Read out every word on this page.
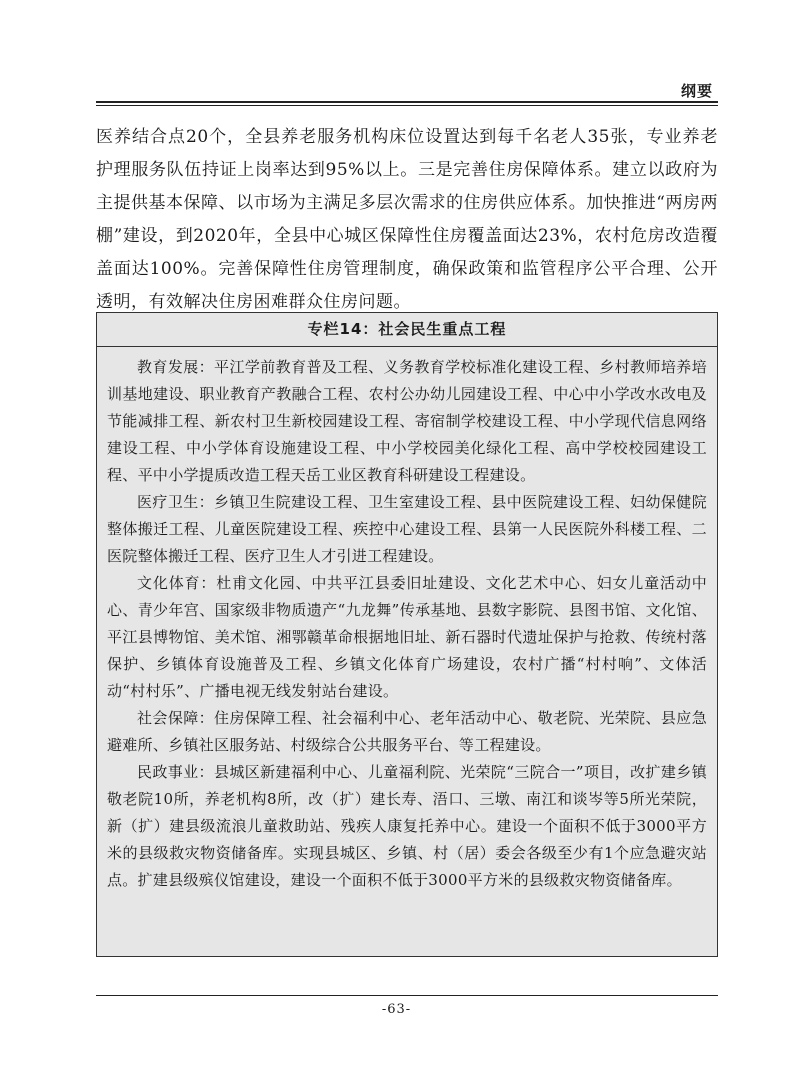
纲要

医养结合点20个，全县养老服务机构床位设置达到每千名老人35张，专业养老护理服务队伍持证上岗率达到95%以上。三是完善住房保障体系。建立以政府为主提供基本保障、以市场为主满足多层次需求的住房供应体系。加快推进“两房两棚”建设，到2020年，全县中心城区保障性住房覆盖面达23%，农村危房改造覆盖面达100%。完善保障性住房管理制度，确保政策和监管程序公平合理、公开透明，有效解决住房困难群众住房问题。

专栏14：社会民生重点工程

教育发展：平江学前教育普及工程、义务教育学校标准化建设工程、乡村教师培养培训基地建设、职业教育产教融合工程、农村公办幼儿园建设工程、中心中小学改水改电及节能减排工程、新农村卫生新校园建设工程、寄宿制学校建设工程、中小学现代信息网络建设工程、中小学体育设施建设工程、中小学校园美化绿化工程、高中学校校园建设工程、平中小学提质改造工程天岳工业区教育科研建设工程建设。

医疗卫生：乡镇卫生院建设工程、卫生室建设工程、县中医院建设工程、妇幼保健院整体搬迁工程、儿童医院建设工程、疾控中心建设工程、县第一人民医院外科楼工程、二医院整体搬迁工程、医疗卫生人才引进工程建设。

文化体育：杜甫文化园、中共平江县委旧址建设、文化艺术中心、妇女儿童活动中心、青少年宫、国家级非物质遗产“九龙舞”传承基地、县数字影院、县图书馆、文化馆、平江县博物馆、美术馆、湘鄂赣革命根据地旧址、新石器时代遗址保护与抢救、传统村落保护、乡镇体育设施普及工程、乡镇文化体育广场建设，农村广播“村村响”、文体活动“村村乐”、广播电视无线发射站台建设。

社会保障：住房保障工程、社会福利中心、老年活动中心、敬老院、光荣院、县应急避难所、乡镇社区服务站、村级综合公共服务平台、等工程建设。

民政事业：县城区新建福利中心、儿童福利院、光荣院“三院合一”项目，改扩建乡镇敬老院10所，养老机构8所，改（扩）建长寿、浯口、三墩、南江和谈岑等5所光荣院，新（扩）建县级流浪儿童救助站、残疾人康复托养中心。建设一个面积不低于3000平方米的县级救灾物资储备库。实现县城区、乡镇、村（居）委会各级至少有1个应急避灾站点。扩建县级殡仪馆建设，建设一个面积不低于3000平方米的县级救灾物资储备库。

-63-
